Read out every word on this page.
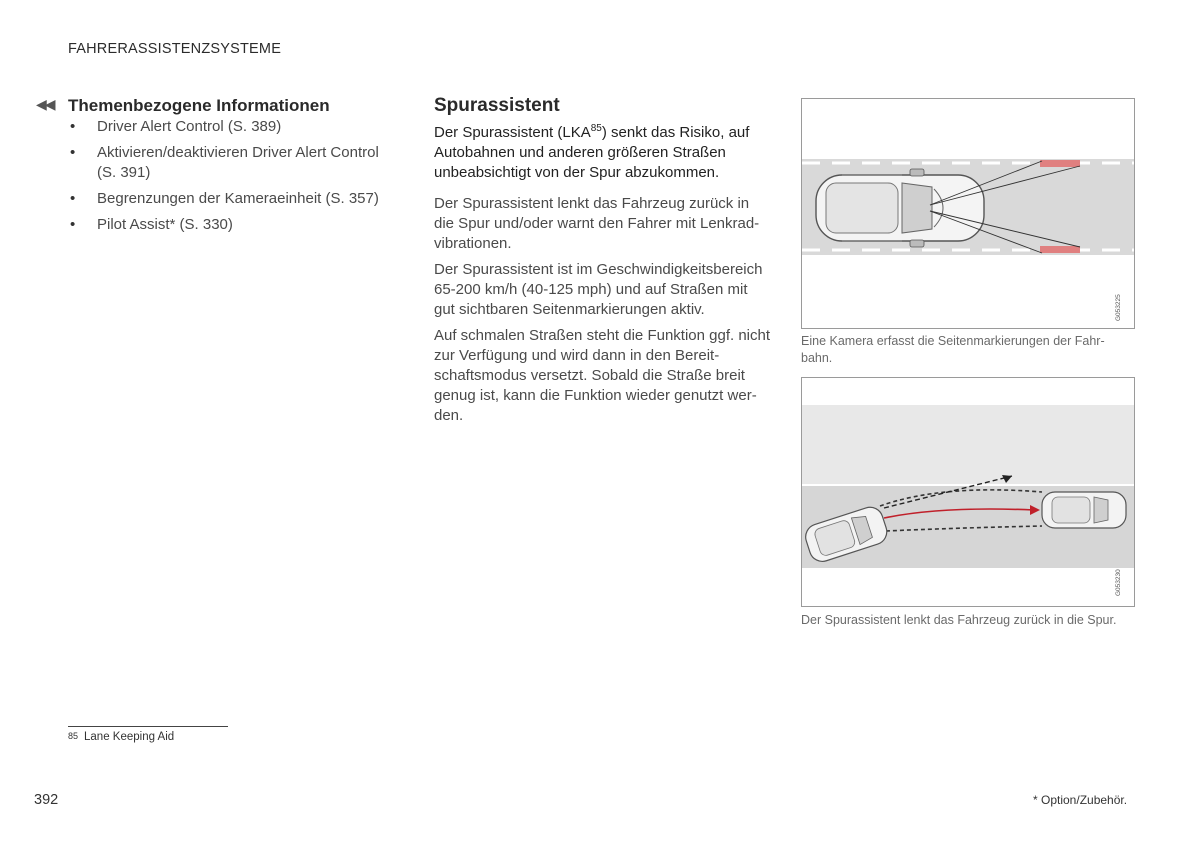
FAHRERASSISTENZSYSTEME
◀◀ Themenbezogene Informationen
• Driver Alert Control (S. 389)
• Aktivieren/deaktivieren Driver Alert Control (S. 391)
• Begrenzungen der Kameraeinheit (S. 357)
• Pilot Assist* (S. 330)
Spurassistent

Der Spurassistent (LKA$^{85}$) senkt das Risiko, auf Autobahnen und anderen größeren Straßen unbeabsichtigt von der Spur abzukommen.

Der Spurassistent lenkt das Fahrzeug zurück in die Spur und/oder warnt den Fahrer mit Lenkrad-vibrationen.

Der Spurassistent ist im Geschwindigkeitsbereich 65-200 km/h (40-125 mph) und auf Straßen mit gut sichtbaren Seitenmarkierungen aktiv.

Auf schmalen Straßen steht die Funktion ggf. nicht zur Verfügung und wird dann in den Bereit-schaftsmodus versetzt. Sobald die Straße breit genug ist, kann die Funktion wieder genutzt wer-den.

G053225

Eine Kamera erfasst die Seitenmarkierungen der Fahr-bahn.

G053230

Der Spurassistent lenkt das Fahrzeug zurück in die Spur.

$^{85}$ Lane Keeping Aid
392	* Option/Zubehör.
